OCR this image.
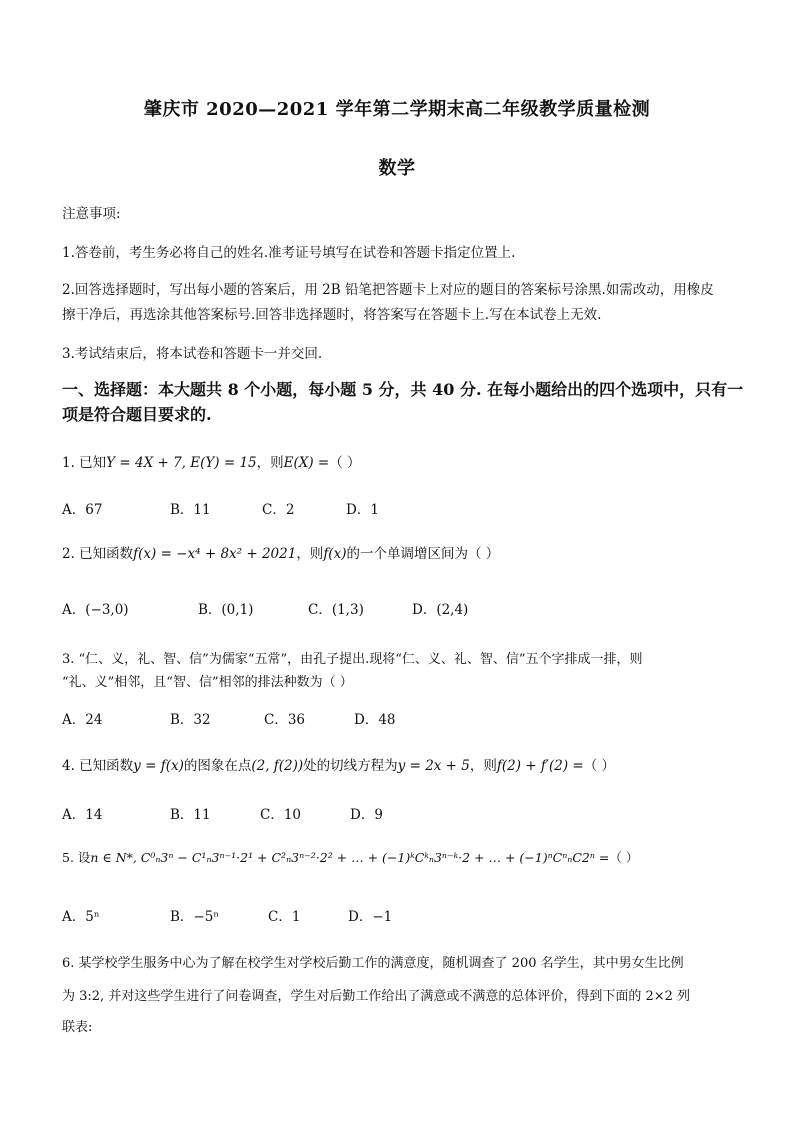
肇庆市 2020—2021 学年第二学期末高二年级教学质量检测
数学
注意事项:
1.答卷前，考生务必将自己的姓名.准考证号填写在试卷和答题卡指定位置上.
2.回答选择题时，写出每小题的答案后，用 2B 铅笔把答题卡上对应的题目的答案标号涂黑.如需改动，用橡皮
擦干净后，再选涂其他答案标号.回答非选择题时，将答案写在答题卡上.写在本试卷上无效.
3.考试结束后，将本试卷和答题卡一并交回.
一、选择题：本大题共 8 个小题，每小题 5 分，共 40 分. 在每小题给出的四个选项中，只有一
项是符合题目要求的.
1. 已知Y = 4X + 7, E(Y) = 15，则E(X) =（ ）
A．67	B．11	C．2	D．1
2. 已知函数f(x) = −x⁴ + 8x² + 2021，则f(x)的一个单调增区间为（ ）
A．(−3,0)	B．(0,1)	C．(1,3)	D．(2,4)
3. “仁、义，礼、智、信”为儒家“五常”，由孔子提出.现将“仁、义、礼、智、信”五个字排成一排，则
“礼、义”相邻，且“智、信”相邻的排法种数为（ ）
A．24	B．32	C．36	D．48
4. 已知函数y = f(x)的图象在点(2, f(2))处的切线方程为y = 2x + 5，则f(2) + f′(2) =（ ）
A．14	B．11	C．10	D．9
5. 设n ∈ N*, C⁰ₙ3ⁿ − C¹ₙ3ⁿ⁻¹·2¹ + C²ₙ3ⁿ⁻²·2² + … + (−1)ᵏCᵏₙ3ⁿ⁻ᵏ·2 + … + (−1)ⁿCⁿₙC2ⁿ =（ ）
A．5ⁿ	B．−5ⁿ	C．1	D．−1
6. 某学校学生服务中心为了解在校学生对学校后勤工作的满意度，随机调查了 200 名学生，其中男女生比例
为 3:2, 并对这些学生进行了问卷调查，学生对后勤工作给出了满意或不满意的总体评价，得到下面的 2×2 列
联表:
